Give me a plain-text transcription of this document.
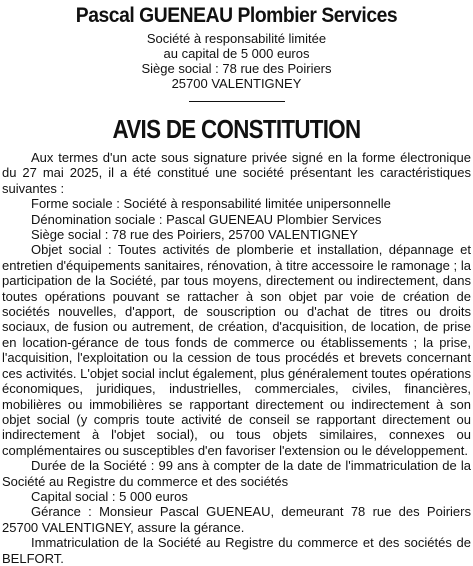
Pascal GUENEAU Plombier Services
Société à responsabilité limitée
au capital de 5 000 euros
Siège social : 78 rue des Poiriers
25700 VALENTIGNEY
AVIS DE CONSTITUTION

Aux termes d'un acte sous signature privée signé en la forme électronique du 27 mai 2025, il a été constitué une société présentant les caractéristiques suivantes :

Forme sociale : Société à responsabilité limitée unipersonnelle

Dénomination sociale : Pascal GUENEAU Plombier Services

Siège social : 78 rue des Poiriers, 25700 VALENTIGNEY

Objet social : Toutes activités de plomberie et installation, dépannage et entretien d'équipements sanitaires, rénovation, à titre accessoire le ramonage ; la participation de la Société, par tous moyens, directement ou indirectement, dans toutes opérations pouvant se rattacher à son objet par voie de création de sociétés nouvelles, d'apport, de souscription ou d'achat de titres ou droits sociaux, de fusion ou autrement, de création, d'acquisition, de location, de prise en location-gérance de tous fonds de commerce ou établissements ; la prise, l'acquisition, l'exploitation ou la cession de tous procédés et brevets concernant ces activités. L'objet social inclut également, plus généralement toutes opérations économiques, juridiques, industrielles, commerciales, civiles, financières, mobilières ou immobilières se rapportant directement ou indirectement à son objet social (y compris toute activité de conseil se rapportant directement ou indirectement à l'objet social), ou tous objets similaires, connexes ou complémentaires ou susceptibles d'en favoriser l'extension ou le développement.

Durée de la Société : 99 ans à compter de la date de l'immatriculation de la Société au Registre du commerce et des sociétés

Capital social : 5 000 euros

Gérance : Monsieur Pascal GUENEAU, demeurant 78 rue des Poiriers 25700 VALENTIGNEY, assure la gérance.

Immatriculation de la Société au Registre du commerce et des sociétés de BELFORT.
